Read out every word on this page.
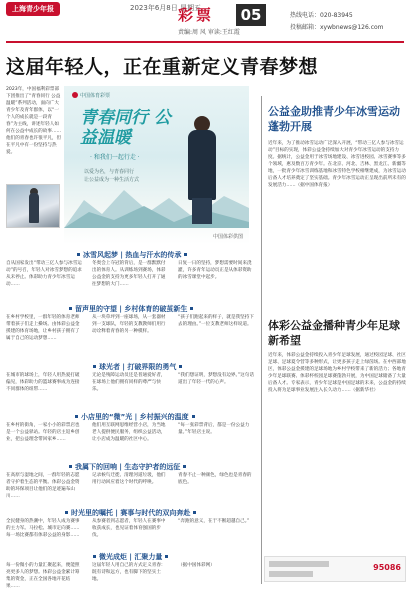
上海青少年报	2023年6月8日 星期五
彩票	05
责编:周 风 审读:王红霞
热线电话：020-83945
投稿邮箱：xywbnews@126.com
这届年轻人，正在重新定义青春梦想

2023年，中国福利彩票部下团推出了“青春同行 公益温暖”系列活动，面向广大青少年及青年群体，以“一个人的成长就是一段青春”为主线，讲述年轻人如何在公益中成长的故事……他们的青春也许很平凡，但在平凡中有一份坚持与热爱。

中国体育彩票
青春同行 公益温暖
· 和我们一起行走 ·
以爱为名，与青春同行
让公益成为一种生活方式
中国体彩供图
冰雪风起梦 | 热血与汗水的传承
自从国家发出“带动三亿人参与冰雪运动”的号召，年轻人对冰雪梦想的追求从未停止。体彩助力青少年冰雪运动……
冬奥会上夺冠的背后，是一群默默付出的体育人。从训练场到赛场，体彩公益金的支持为更多年轻人打开了通往梦想的大门……
日复一日的坚持，梦想需要时间来浇灌，许多青年运动员正是从体彩资助的冰雪课堂中起步。
留声里的守望 | 乡村体育的破茧新生
在乡村学校里，一群年轻的体育老师带着孩子们走上操场。由体彩公益金援建的体育场地，让乡村孩子拥有了属于自己的运动梦想……
从一块草坪到一座球场，从一套器材到一支球队，年轻的支教教师们用行动诠释着青春的另一种模样。
“孩子们跑起来的样子，就是我坚持下去的理由。”一位支教老师这样说道。
球光者 | 打破界限的勇气
在城市的球场上，年轻人用热爱打破偏见，体彩助力的篮球赛事成为连接不同群体的纽带……
无论是残障运动员还是普通爱好者，在球场上他们拥有同样的尊严与快乐。
“我们想证明，梦想没有边界。”这句话道出了年轻一代的心声。
小店里的“微”光 | 乡村振兴的温度
在乡村的街角，一家小小的彩票店也是一个公益驿站。年轻的店主返乡创业，把公益理念带回家乡……
他们用互联网思维经营小店，为当地老人提供便民服务，组织公益活动，让小店成为温暖的社区中心。
“每一张彩票背后，都是一份公益力量。”年轻店主说。
我属下的回响 | 生态守护者的远征
在高原与湿地之间，一群年轻的志愿者守护着生态的平衡。体彩公益金资助的环保项目让他们的足迹遍布山川……
记录候鸟迁徙、清理河道垃圾，他们用行动回应着这个时代的呼唤。
青春不止一种颜色，绿色也是青春的底色。
时光里的嘱托 | 赛事与时代的双向奔赴
全民健身的热潮中，年轻人成为赛事的主力军。马拉松、城市定向赛……每一场比赛都有体彩公益的身影……
从参赛者到志愿者，年轻人在赛事中收获成长，也见证着体育强国的步伐。
“奔跑的意义，在于不断超越自己。”
微光成炬 | 汇聚力量
每一份微小的力量汇聚起来，便能照亮更多人的梦想。体彩公益金累计筹集的资金，正在全国各地开花结果……
这届年轻人用自己的方式定义青春：既有诗和远方，也有脚下的坚实土地。
（据中国体彩网）
公益金助推青少年冰雪运动蓬勃开展
近年来，为了推动冰雪运动广泛深入开展，“带动三亿人参与冰雪运动”目标的实现，体彩公益金持续加大对青少年冰雪运动的支持力度。据统计，公益金用于冰雪场地建设、冰雪进校园、冰雪赛事等多个领域，惠及数百万青少年。在北京、河北、吉林、黑龙江、新疆等地，一批青少年冰雪训练基地和冰雪特色学校相继建成，为冰雪运动后备人才培养奠定了坚实基础。青少年冰雪运动正呈现出前所未有的发展活力……（据中国体育报）
体彩公益金播种青少年足球新希望
近年来，体彩公益金持续投入青少年足球发展，通过校园足球、社区足球、足球夏令营等多种形式，让更多孩子走上绿茵场。在中西部地区，体彩公益金援建的足球场地为乡村学校带来了新的活力；各地青少年足球联赛、体彩杯校园足球赛蓬勃开展，为中国足球储备了大量后备人才。专家表示，青少年足球是中国足球的未来，公益金的持续投入将为足球事业发展注入长久动力……（据新华社）
95086
